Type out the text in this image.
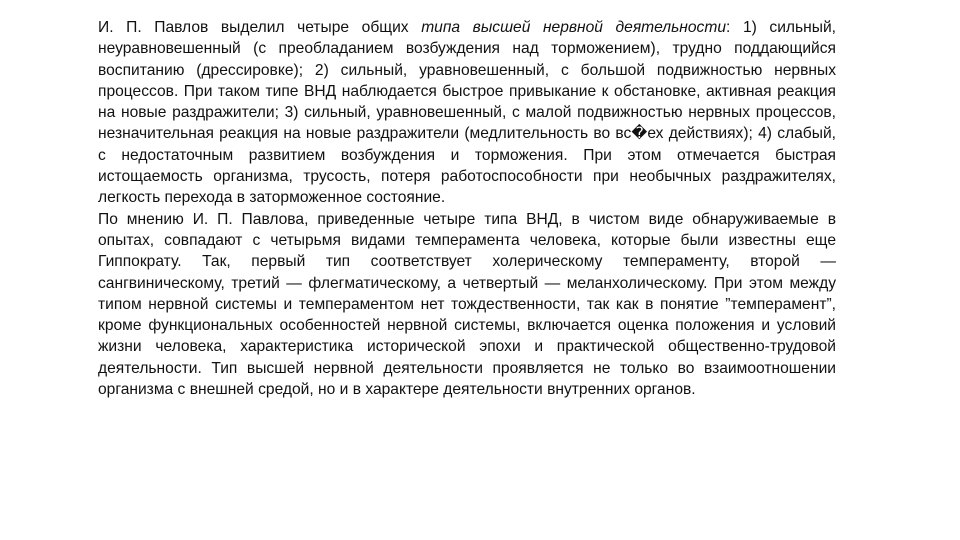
И. П. Павлов выделил четыре общих типа высшей нервной деятельности: 1) сильный, неуравновешенный (с преобладанием возбуждения над торможением), трудно поддающийся воспитанию (дрессировке); 2) сильный, уравновешенный, с большой подвижностью нервных процессов. При таком типе ВНД наблюдается быстрое привыкание к обстановке, активная реакция на новые раздражители; 3) сильный, уравновешенный, с малой подвижностью нервных процессов, незначительная реакция на новые раздражители (медлительность во вс�ех действиях); 4) слабый, с недостаточным развитием возбуждения и торможения. При этом отмечается быстрая истощаемость организма, трусость, потеря работоспособности при необычных раздражителях, легкость перехода в заторможенное состояние.

По мнению И. П. Павлова, приведенные четыре типа ВНД, в чистом виде обнаруживаемые в опытах, совпадают с четырьмя видами темперамента человека, которые были известны еще Гиппократу. Так, первый тип соответствует холерическому темпераменту, второй — сангвиническому, третий — флегматическому, а четвертый — меланхолическому. При этом между типом нервной системы и темпераментом нет тождественности, так как в понятие ”темперамент”, кроме функциональных особенностей нервной системы, включается оценка положения и условий жизни человека, характеристика исторической эпохи и практической общественно-трудовой деятельности. Тип высшей нервной деятельности проявляется не только во взаимоотношении организма с внешней средой, но и в характере деятельности внутренних органов.
